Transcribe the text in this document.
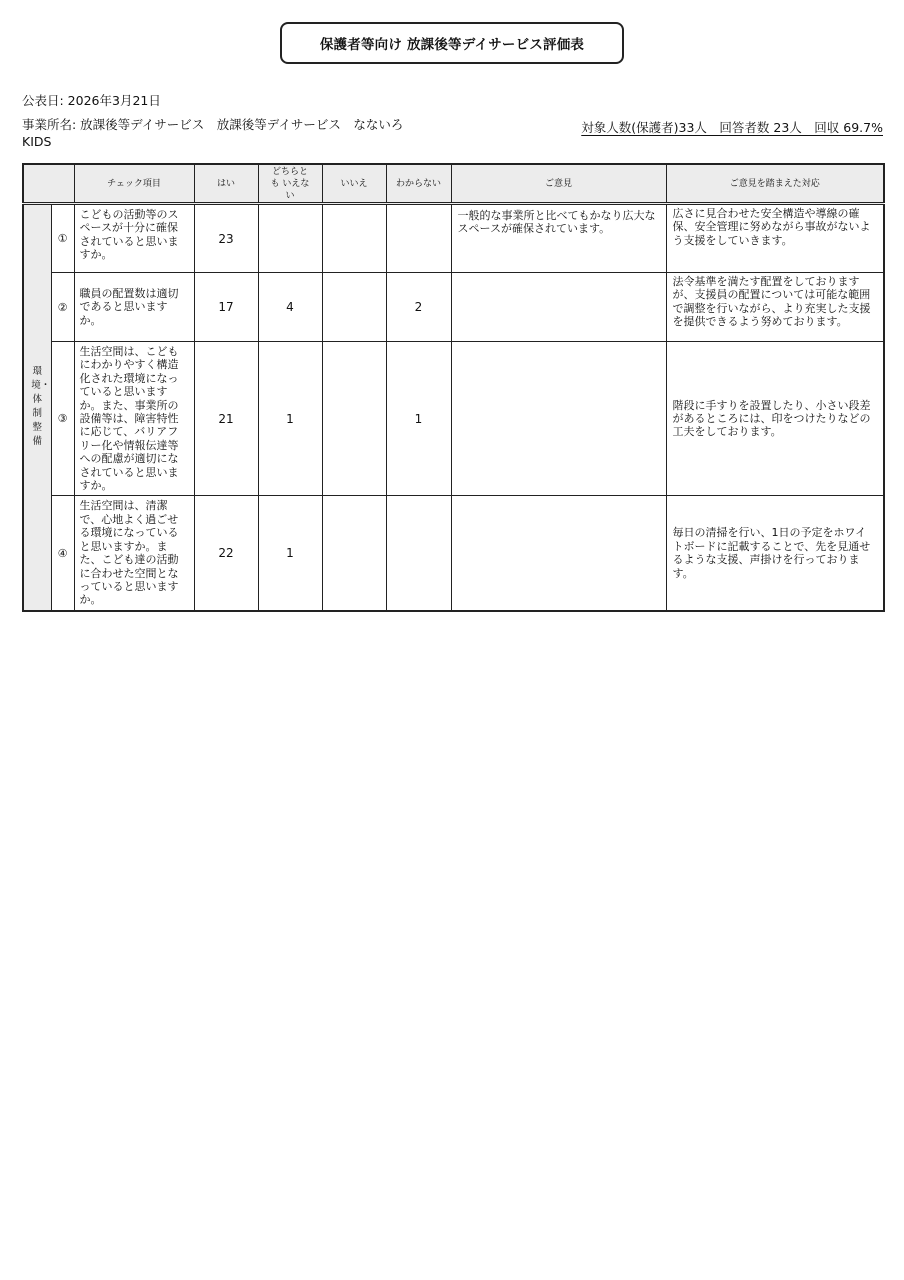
保護者等向け 放課後等デイサービス評価表
公表日: 2026年3月21日
事業所名: 放課後等デイサービス　放課後等デイサービス　なないろKIDS
対象人数(保護者)33人　回答者数 23人　回収 69.7%
		チェック項目	はい	どちらとも いえない	いいえ	わからない	ご意見	ご意見を踏まえた対応
環境・体制整備	①	こどもの活動等のスペースが十分に確保されていると思いますか。	23				一般的な事業所と比べてもかなり広大なスペースが確保されています。	広さに見合わせた安全構造や導線の確保、安全管理に努めながら事故がないよう支援をしていきます。
	②	職員の配置数は適切であると思いますか。	17	4		2		法令基準を満たす配置をしておりますが、支援員の配置については可能な範囲で調整を行いながら、より充実した支援を提供できるよう努めております。
	③	生活空間は、こどもにわかりやすく構造化された環境になっていると思いますか。また、事業所の設備等は、障害特性に応じて、バリアフリー化や情報伝達等への配慮が適切になされていると思いますか。	21	1		1		階段に手すりを設置したり、小さい段差があるところには、印をつけたりなどの工夫をしております。
	④	生活空間は、清潔で、心地よく過ごせる環境になっていると思いますか。また、こども達の活動に合わせた空間となっていると思いますか。	22	1				毎日の清掃を行い、1日の予定をホワイトボードに記載することで、先を見通せるような支援、声掛けを行っております。
